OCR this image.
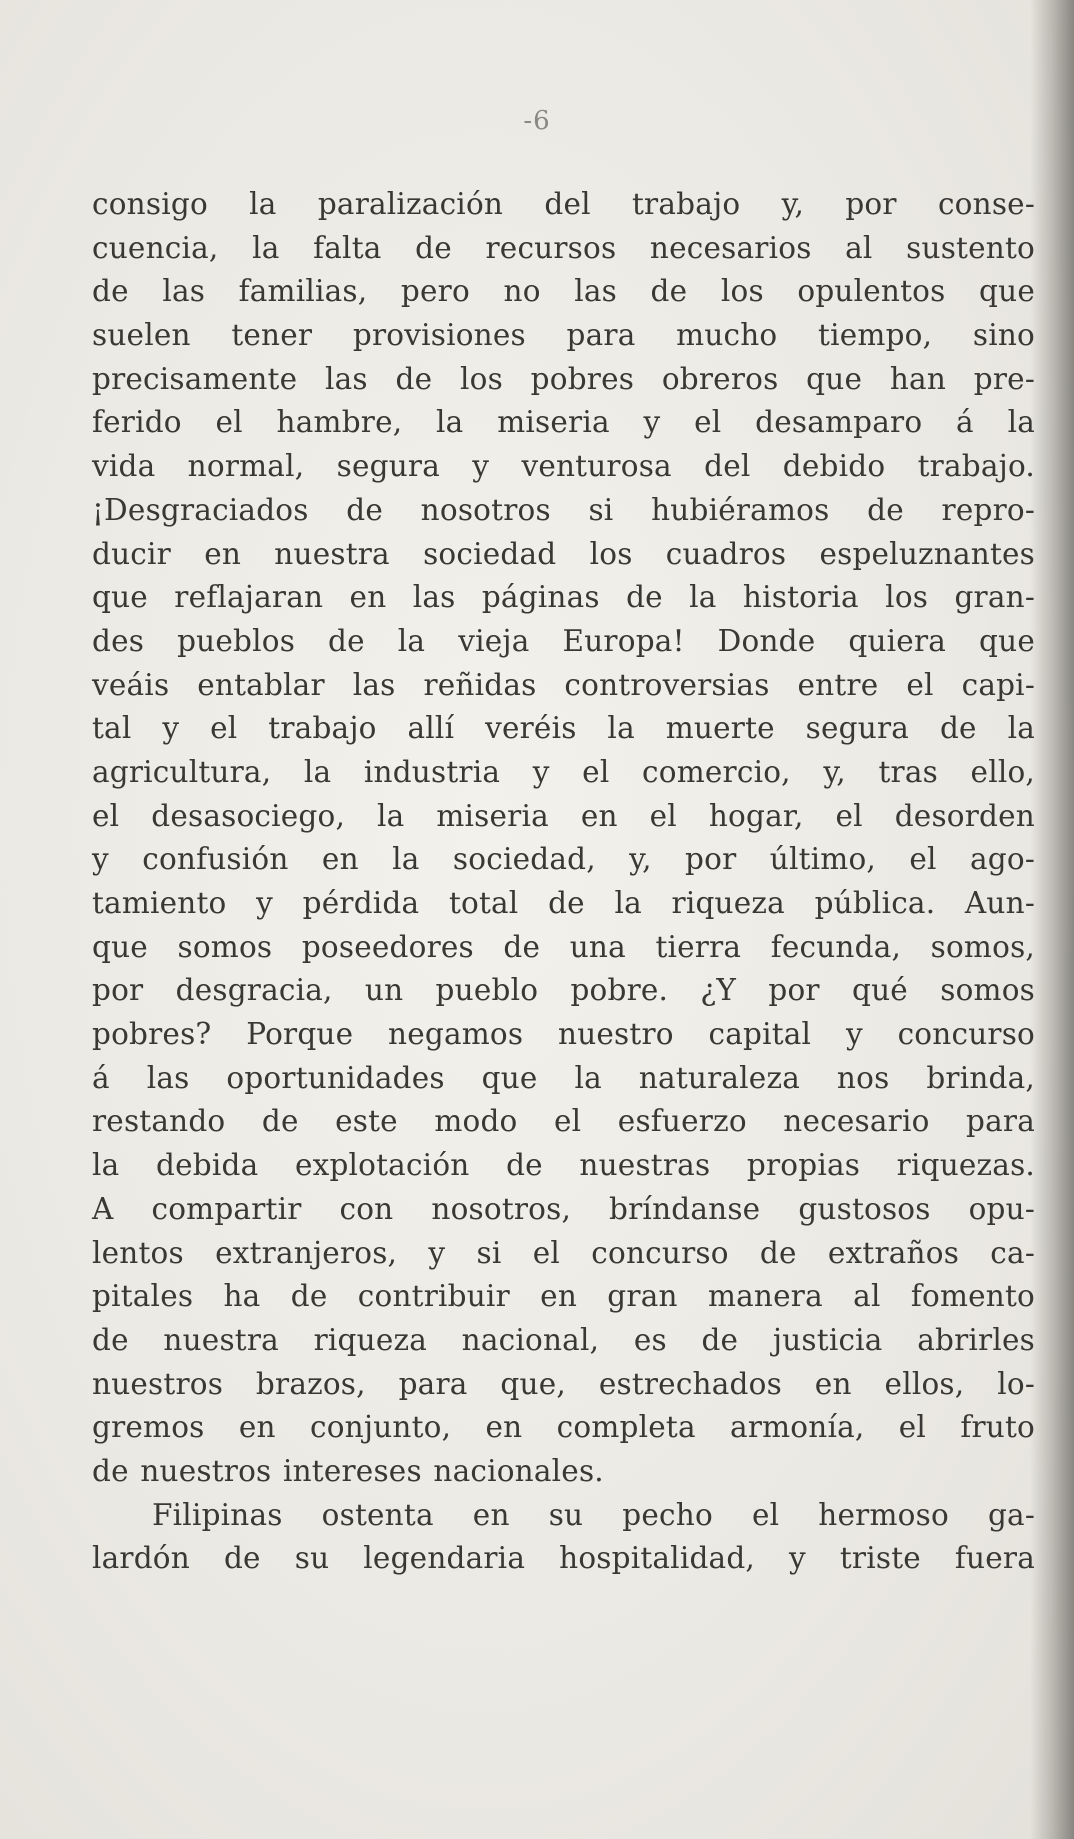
-6
consigo la paralización del trabajo y, por conse-
cuencia, la falta de recursos necesarios al sustento
de las familias, pero no las de los opulentos que
suelen tener provisiones para mucho tiempo, sino
precisamente las de los pobres obreros que han pre-
ferido el hambre, la miseria y el desamparo á la
vida normal, segura y venturosa del debido trabajo.
¡Desgraciados de nosotros si hubiéramos de repro-
ducir en nuestra sociedad los cuadros espeluznantes
que reflajaran en las páginas de la historia los gran-
des pueblos de la vieja Europa! Donde quiera que
veáis entablar las reñidas controversias entre el capi-
tal y el trabajo allí veréis la muerte segura de la
agricultura, la industria y el comercio, y, tras ello,
el desasociego, la miseria en el hogar, el desorden
y confusión en la sociedad, y, por último, el ago-
tamiento y pérdida total de la riqueza pública. Aun-
que somos poseedores de una tierra fecunda, somos,
por desgracia, un pueblo pobre. ¿Y por qué somos
pobres? Porque negamos nuestro capital y concurso
á las oportunidades que la naturaleza nos brinda,
restando de este modo el esfuerzo necesario para
la debida explotación de nuestras propias riquezas.
A compartir con nosotros, bríndanse gustosos opu-
lentos extranjeros, y si el concurso de extraños ca-
pitales ha de contribuir en gran manera al fomento
de nuestra riqueza nacional, es de justicia abrirles
nuestros brazos, para que, estrechados en ellos, lo-
gremos en conjunto, en completa armonía, el fruto
de nuestros intereses nacionales.
Filipinas ostenta en su pecho el hermoso ga-
lardón de su legendaria hospitalidad, y triste fuera
